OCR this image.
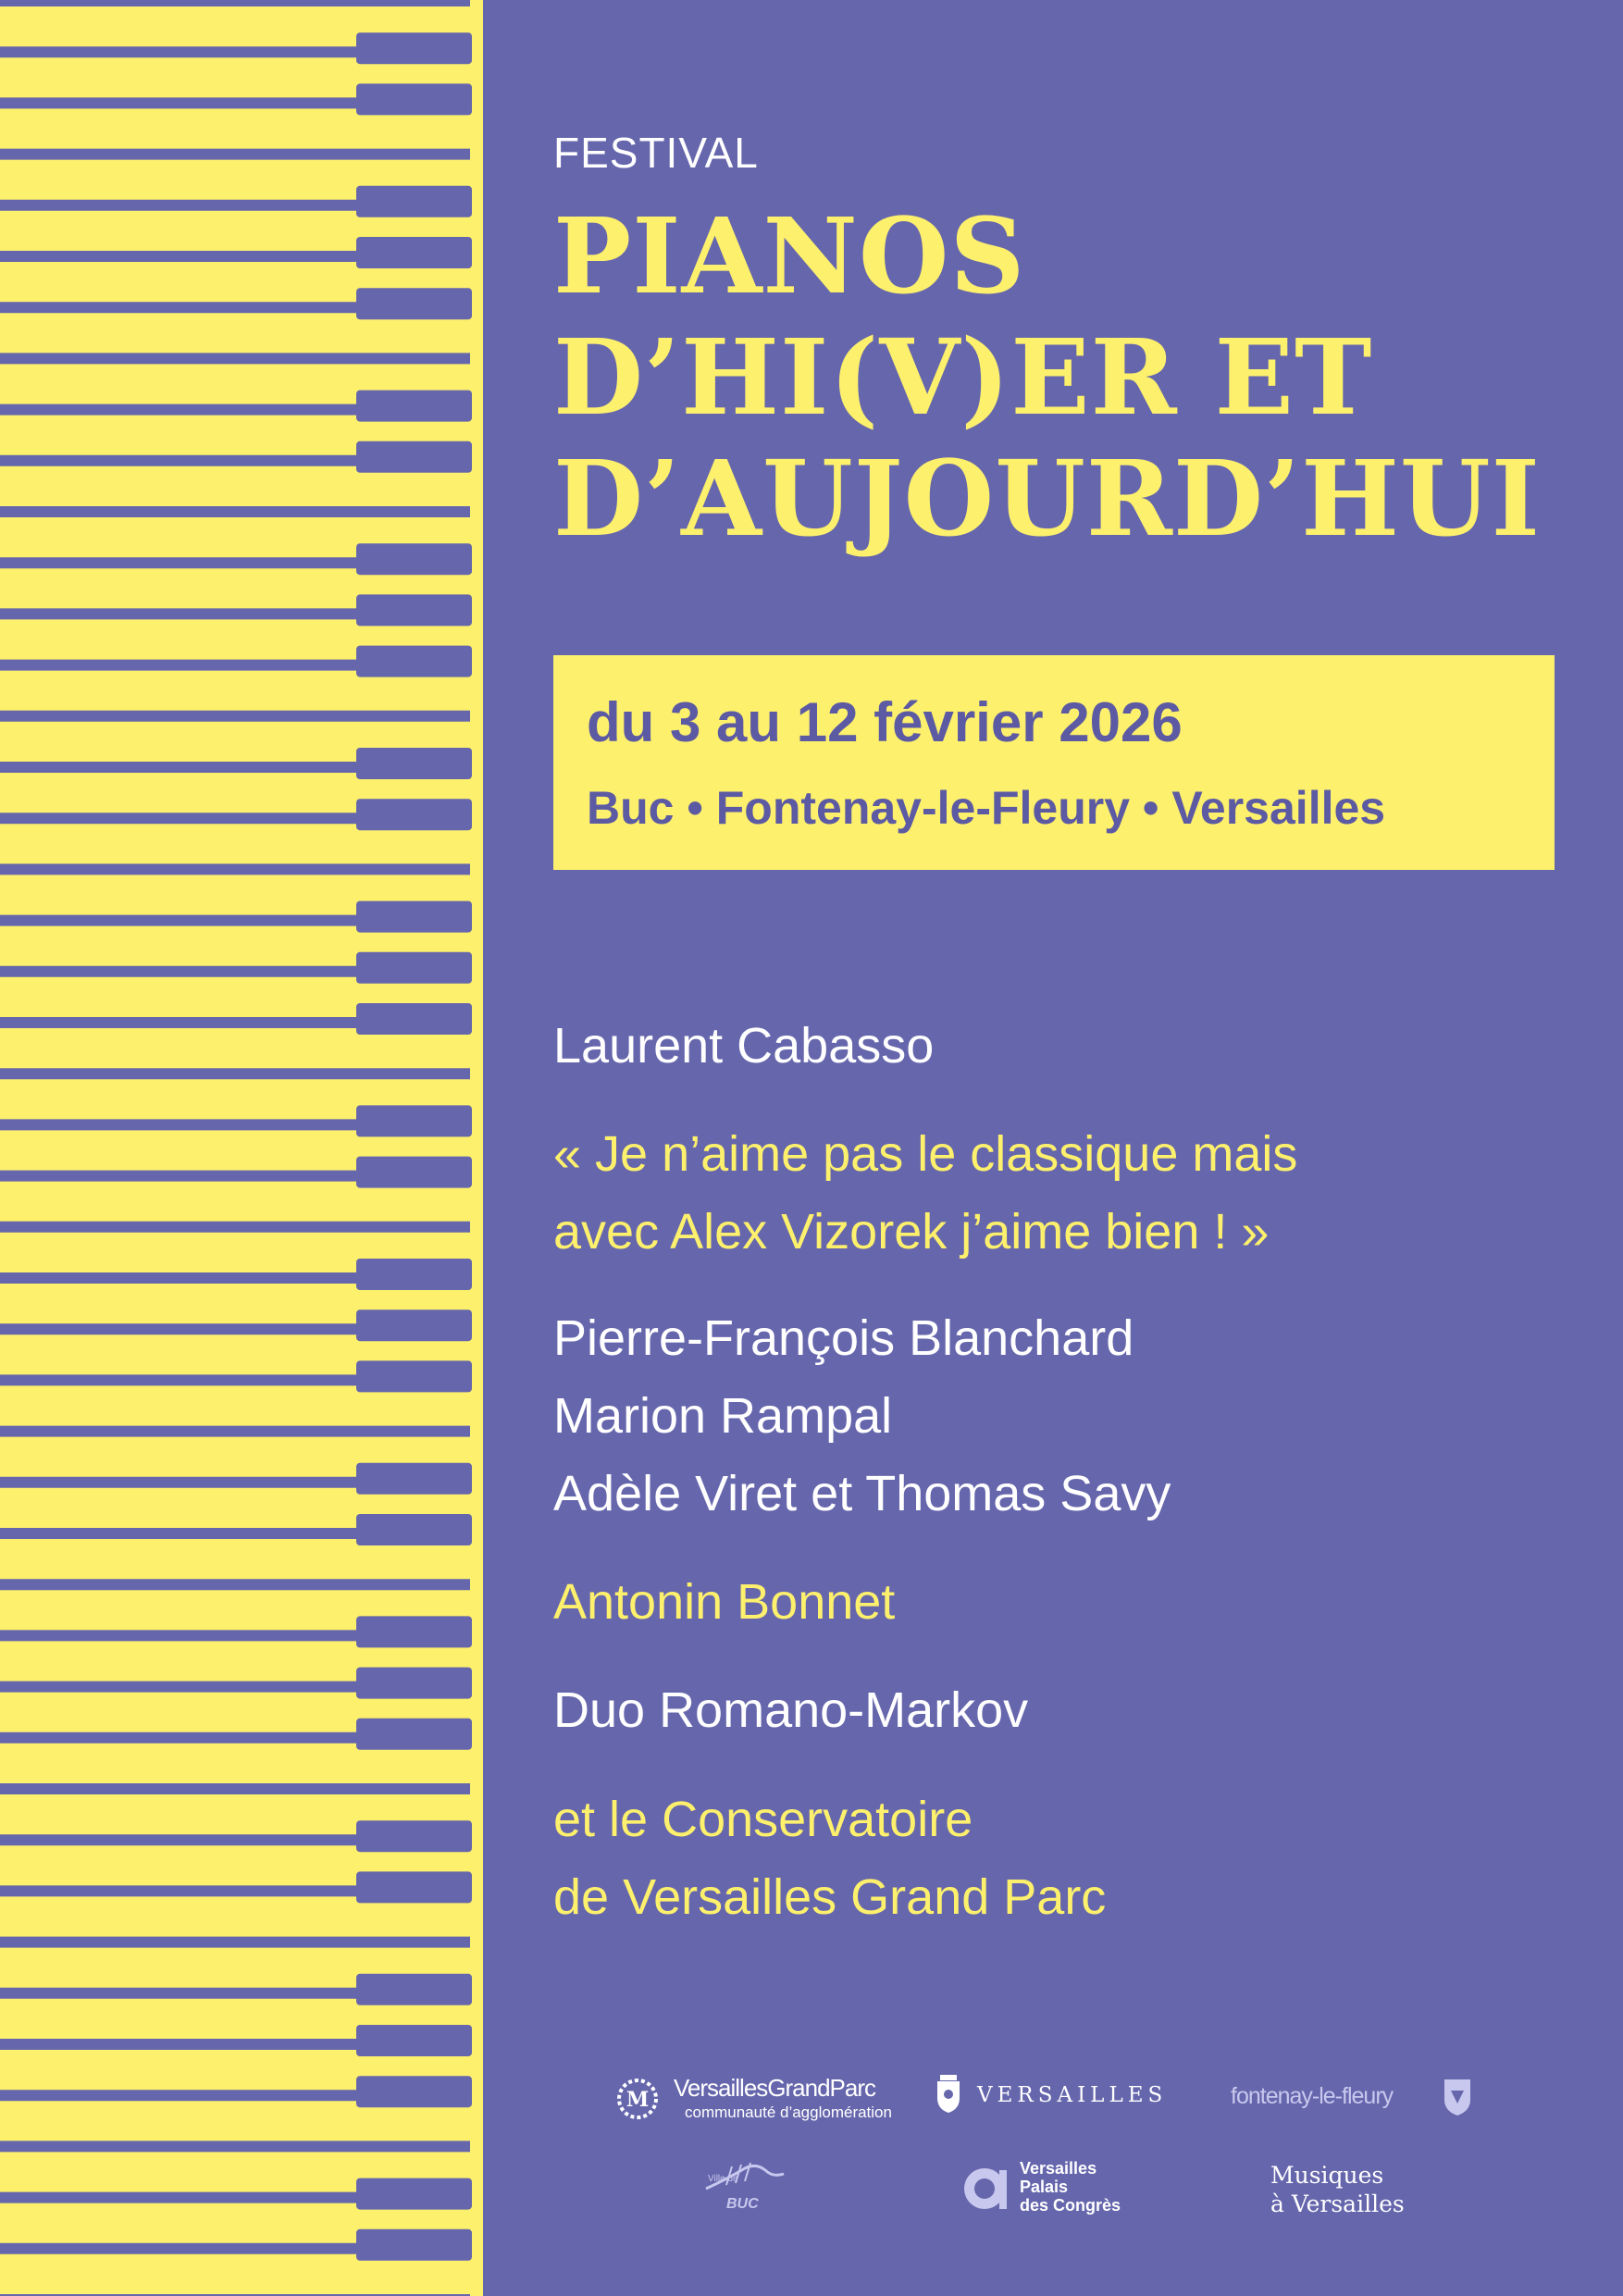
FESTIVAL
PIANOS
D’HI(V)ER ET
D’AUJOURD’HUI
du 3 au 12 février 2026
Buc • Fontenay-le-Fleury • Versailles
Laurent Cabasso
« Je n’aime pas le classique mais
avec Alex Vizorek j’aime bien ! »
Pierre-François Blanchard
Marion Rampal
Adèle Viret et Thomas Savy
Antonin Bonnet
Duo Romano-Markov
et le Conservatoire
de Versailles Grand Parc
M VersaillesGrandParc
communauté d’agglomération
VERSAILLES	fontenay-le-fleury
Ville de
BUC
Versailles
Palais
des Congrès
Musiques
à Versailles
